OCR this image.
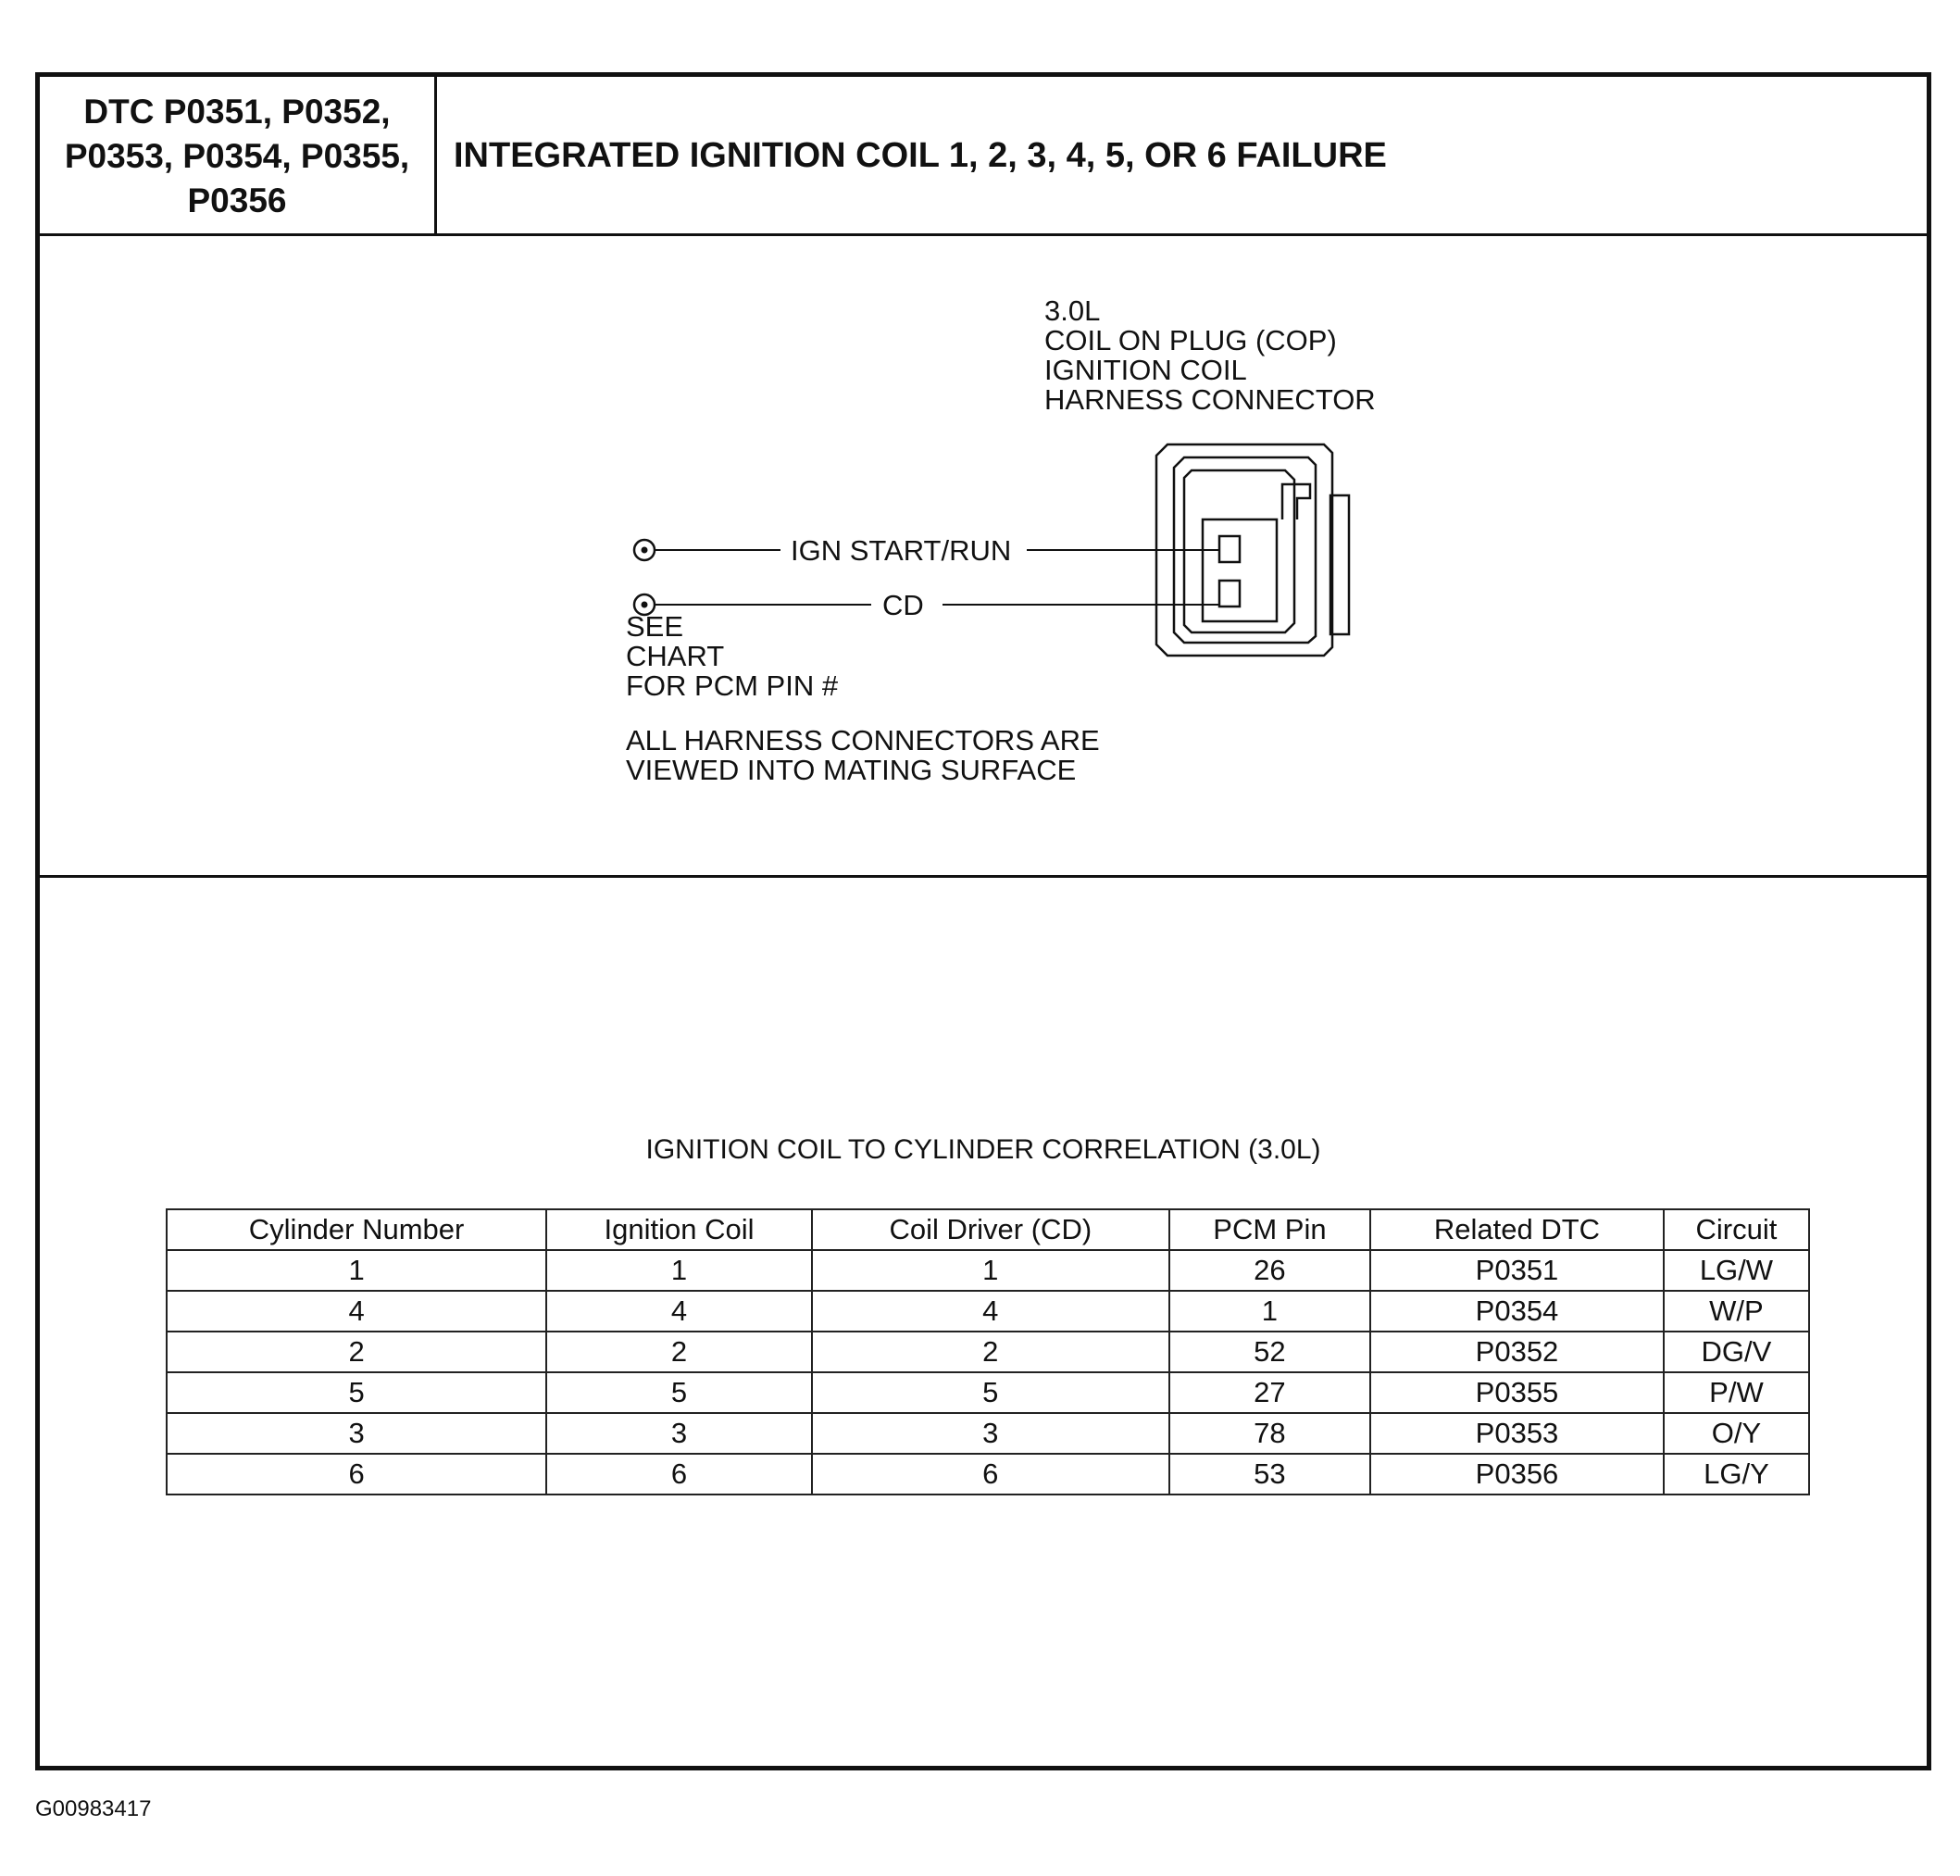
DTC P0351, P0352,
P0353, P0354, P0355,
P0356
INTEGRATED IGNITION COIL 1, 2, 3, 4, 5, OR 6 FAILURE
3.0L
COIL ON PLUG (COP)
IGNITION COIL
HARNESS CONNECTOR
IGN START/RUN
CD
SEE
CHART
FOR PCM PIN #
ALL HARNESS CONNECTORS ARE
VIEWED INTO MATING SURFACE
IGNITION COIL TO CYLINDER CORRELATION (3.0L)
Cylinder Number	Ignition Coil	Coil Driver (CD)	PCM Pin	Related DTC	Circuit
1	1	1	26	P0351	LG/W
4	4	4	1	P0354	W/P
2	2	2	52	P0352	DG/V
5	5	5	27	P0355	P/W
3	3	3	78	P0353	O/Y
6	6	6	53	P0356	LG/Y
G00983417
